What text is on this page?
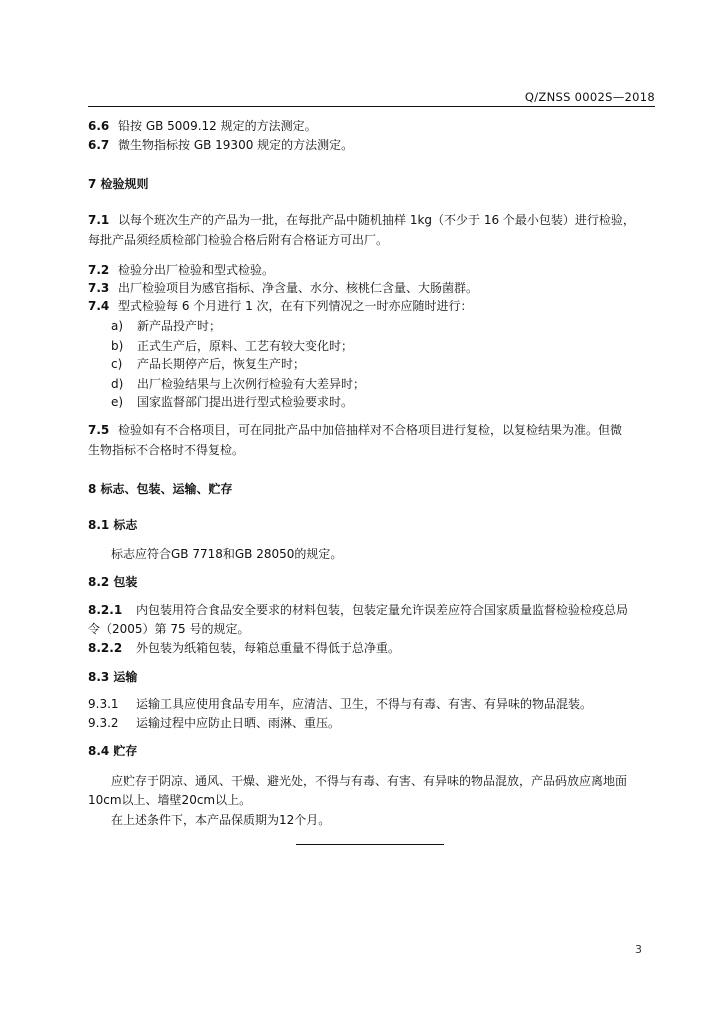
Q/ZNSS 0002S—2018
6.6 铅按 GB 5009.12 规定的方法测定。
6.7 微生物指标按 GB 19300 规定的方法测定。
7 检验规则
7.1 以每个班次生产的产品为一批，在每批产品中随机抽样 1kg（不少于 16 个最小包装）进行检验，
每批产品须经质检部门检验合格后附有合格证方可出厂。
7.2 检验分出厂检验和型式检验。
7.3 出厂检验项目为感官指标、净含量、水分、核桃仁含量、大肠菌群。
7.4 型式检验每 6 个月进行 1 次，在有下列情况之一时亦应随时进行：
a) 新产品投产时；
b) 正式生产后，原料、工艺有较大变化时；
c) 产品长期停产后，恢复生产时；
d) 出厂检验结果与上次例行检验有大差异时；
e) 国家监督部门提出进行型式检验要求时。
7.5 检验如有不合格项目，可在同批产品中加倍抽样对不合格项目进行复检，以复检结果为准。但微
生物指标不合格时不得复检。
8 标志、包装、运输、贮存
8.1 标志
标志应符合GB 7718和GB 28050的规定。
8.2 包装
8.2.1 内包装用符合食品安全要求的材料包装，包装定量允许误差应符合国家质量监督检验检疫总局
令（2005）第 75 号的规定。
8.2.2 外包装为纸箱包装，每箱总重量不得低于总净重。
8.3 运输
9.3.1 运输工具应使用食品专用车，应清洁、卫生，不得与有毒、有害、有异味的物品混装。
9.3.2 运输过程中应防止日晒、雨淋、重压。
8.4 贮存
应贮存于阴凉、通风、干燥、避光处，不得与有毒、有害、有异味的物品混放，产品码放应离地面
10cm以上、墙壁20cm以上。
在上述条件下，本产品保质期为12个月。
3
